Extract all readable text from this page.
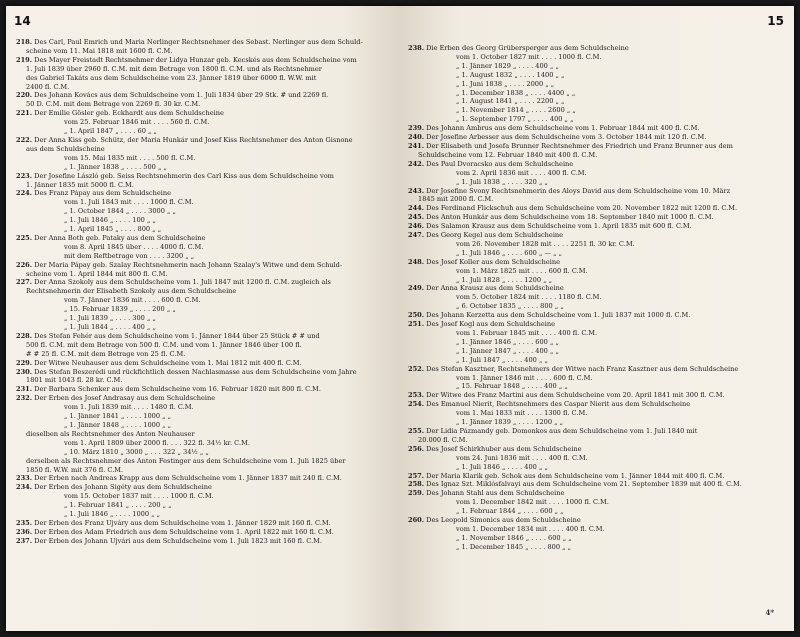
14
218. Des Carl, Paul Emrich und Maria Nerlinger Rechtsnehmer des Sebast. Nerlinger aus dem Schuld-
scheine vom 11. Mai 1818 mit 1600 fl. C.M.
219. Des Mayer Freistadt Rechtsnehmer der Lidya Hunzar geb. Kecskés aus dem Schuldscheine vom
1. Juli 1839 über 2960 fl. C.M. mit dem Betrage von 1800 fl. C.M. und als Rechtsnehmer
des Gabriel Takáts aus dem Schuldscheine vom 23. Jänner 1819 über 6000 fl. W.W. mit
2400 fl. C.M.
220. Des Johann Kovács aus dem Schuldscheine vom 1. Juli 1834 über 29 Stk. # und 2269 fl.
50 D. C.M. mit dem Betrage von 2269 fl. 30 kr. C.M.
221. Der Emilie Gösler geb. Eckhardt aus dem Schuldscheine
vom 25. Februar 1846 mit . . . . 560 fl. C.M.
„ 1. April 1847 „ . . . . 60 „ „
222. Der Anna Kiss geb. Schütz, der Maria Hunkár und Josef Kiss Rechtsnehmer des Anton Gisnone
aus dem Schuldscheine
vom 15. Mai 1835 mit . . . . 500 fl. C.M.
„ 1. Jänner 1838 „ . . . . 500 „ „
223. Der Josefine László geb. Seiss Rechtsnehmerin des Carl Kiss aus dem Schuldscheine vom
1. Jänner 1835 mit 5000 fl. C.M.
224. Des Franz Pápay aus dem Schuldscheine
vom 1. Juli 1843 mit . . . . 1000 fl. C.M.
„ 1. October 1844 „ . . . . 3000 „ „
„ 1. Juli 1846 „ . . . . 100 „ „
„ 1. April 1845 „ . . . . 800 „ „
225. Der Anna Both geb. Pataky aus dem Schuldscheine
vom 8. April 1845 über . . . . 4000 fl. C.M.
mit dem Reftbetrage von . . . . 3200 „ „
226. Der Maria Pápay geb. Szalay Rechtsnehmerin nach Johann Szalay's Witwe und dem Schuld-
scheine vom 1. April 1844 mit 800 fl. C.M.
227. Der Anna Szokoly aus dem Schuldscheine vom 1. Juli 1847 mit 1200 fl. C.M. zugleich als
Rechtsnehmerin der Elisabeth Szokoly aus dem Schuldscheine
vom 7. Jänner 1836 mit . . . . 600 fl. C.M.
„ 15. Februar 1839 „ . . . . 200 „ „
„ 1. Juli 1839 „ . . . . 300 „ „
„ 1. Juli 1844 „ . . . . 400 „ „
228. Des Stefan Fehér aus dem Schuldscheine vom 1. Jänner 1844 über 25 Stück # # und
500 fl. C.M. mit dem Betrage von 500 fl. C.M. und vom 1. Jänner 1846 über 100 fl.
# # 25 fl. C.M. mit dem Betrage von 25 fl. C.M.
229. Der Witwe Neuhauser aus dem Schuldscheine vom 1. Mai 1812 mit 400 fl. C.M.
230. Des Stefan Beszerédi und rückfichtlich dessen Nachlasmasse aus dem Schuldscheine vom Jahre
1801 mit 1043 fl. 28 kr. C.M.
231. Der Barbara Schenker aus dem Schuldscheine vom 16. Februar 1820 mit 800 fl. C.M.
232. Der Erben des Josef Andrasay aus dem Schuldscheine
vom 1. Juli 1839 mit . . . . 1480 fl. C.M.
„ 1. Jänner 1841 „ . . . . 1000 „ „
„ 1. Jänner 1848 „ . . . . 1000 „ „
dieselben als Rechtsnehmer des Anton Neuhauser
vom 1. April 1809 über 2000 fl. . . . 322 fl. 34½ kr. C.M.
„ 10. März 1810 „ 3000 „ . . . 322 „ 34½ „ „
derselben als Rechtsnehmer des Anton Festinger aus dem Schuldscheine vom 1. Juli 1825 über
1850 fl. W.W. mit 376 fl. C.M.
233. Der Erben nach Andreas Krapp aus dem Schuldscheine vom 1. Jänner 1837 mit 240 fl. C.M.
234. Der Erben des Johann Sigéty aus dem Schuldscheine
vom 15. October 1837 mit . . . . 1000 fl. C.M.
„ 1. Februar 1841 „ . . . . 200 „ „
„ 1. Juli 1846 „ . . . . 1000 „ „
235. Der Erben des Franz Ujváry aus dem Schuldscheine vom 1. Jänner 1829 mit 160 fl. C.M.
236. Der Erben des Adam Friedrich aus dem Schuldscheine vom 1. April 1822 mit 160 fl. C.M.
237. Der Erben des Johann Ujvári aus dem Schuldscheine vom 1. Juli 1823 mit 160 fl. C.M.
15
238. Die Erben des Georg Grübersperger aus dem Schuldscheine
vom 1. October 1827 mit . . . . 1000 fl. C.M.
„ 1. Jänner 1829 „ . . . . 400 „ „
„ 1. August 1832 „ . . . . 1400 „ „
„ 1. Juni 1838 „ . . . . 2000 „ „
„ 1. December 1838 „ . . . . 4400 „ „
„ 1. August 1841 „ . . . . 2200 „ „
„ 1. November 1814 „ . . . . 2600 „ „
„ 1. September 1797 „ . . . . 400 „ „
239. Des Johann Ambrus aus dem Schuldscheine vom 1. Februar 1844 mit 400 fl. C.M.
240. Der Josefine Arbesser aus dem Schuldscheine vom 3. October 1844 mit 120 fl. C.M.
241. Der Elisabeth und Josefa Brunner Rechtsnehmer des Friedrich und Franz Brunner aus dem
Schuldscheine vom 12. Februar 1840 mit 400 fl. C.M.
242. Des Paul Dvoracsko aus dem Schuldscheine
vom 2. April 1836 mit . . . . 400 fl. C.M.
„ 1. Juli 1838 „ . . . . 320 „ „
243. Der Josefine Svony Rechtsnehmerin des Aloys David aus dem Schuldscheine vom 10. März
1845 mit 2000 fl. C.M.
244. Des Ferdinand Flickschuh aus dem Schuldscheine vom 20. November 1822 mit 1200 fl. C.M.
245. Des Anton Hunkár aus dem Schuldscheine vom 18. September 1840 mit 1000 fl. C.M.
246. Des Salamon Krausz aus dem Schuldscheine vom 1. April 1835 mit 600 fl. C.M.
247. Des Georg Kegel aus dem Schuldscheine
vom 26. November 1828 mit . . . . 2251 fl. 30 kr. C.M.
„ 1. Juli 1846 „ . . . . 600 „ — „ „
248. Des Josef Koller aus dem Schuldscheine
vom 1. März 1825 mit . . . . 600 fl. C.M.
„ 1. Juli 1828 „ . . . . 1200 „ „
249. Der Anna Krausz aus dem Schuldscheine
vom 5. October 1824 mit . . . . 1180 fl. C.M.
„ 6. October 1835 „ . . . . 800 „ „
250. Des Johann Kerzetta aus dem Schuldscheine vom 1. Juli 1837 mit 1000 fl. C.M.
251. Des Josef Kogl aus dem Schuldscheine
vom 1. Februar 1845 mit . . . . 400 fl. C.M.
„ 1. Jänner 1846 „ . . . . 600 „ „
„ 1. Jänner 1847 „ . . . . 400 „ „
„ 1. Juli 1847 „ . . . . 400 „ „
252. Des Stefan Kasztner, Rechtsnehmers der Witwe nach Franz Kasztner aus dem Schuldscheine
vom 1. Jänner 1846 mit . . . . 600 fl. C.M.
„ 15. Februar 1848 „ . . . . 400 „ „
253. Der Witwe des Franz Martini aus dem Schuldscheine vom 20. April 1841 mit 300 fl. C.M.
254. Des Emanuel Nierit, Rechtsnehmers des Caspar Nierit aus dem Schuldscheine
vom 1. Mai 1833 mit . . . . 1300 fl. C.M.
„ 1. Jänner 1839 „ . . . . 1200 „ „
255. Der Lidia Pázmandy geb. Domonkos aus dem Schuldscheine vom 1. Juli 1840 mit
20.000 fl. C.M.
256. Des Josef Schirkhuber aus dem Schuldscheine
vom 24. Juni 1836 mit . . . . 400 fl. C.M.
„ 1. Juli 1846 „ . . . . 400 „ „
257. Der Maria Klarik geb. Schok aus dem Schuldscheine vom 1. Jänner 1844 mit 400 fl. C.M.
258. Des Ignaz Szt. Miklósfalvayi aus dem Schuldscheine vom 21. September 1839 mit 400 fl. C.M.
259. Des Johann Stahl aus dem Schuldscheine
vom 1. December 1842 mit . . . . 1000 fl. C.M.
„ 1. Februar 1844 „ . . . . 600 „ „
260. Des Leopold Simonics aus dem Schuldscheine
vom 1. December 1834 mit . . . . 400 fl. C.M.
„ 1. November 1846 „ . . . . 600 „ „
„ 1. December 1845 „ . . . . 800 „ „
4*
